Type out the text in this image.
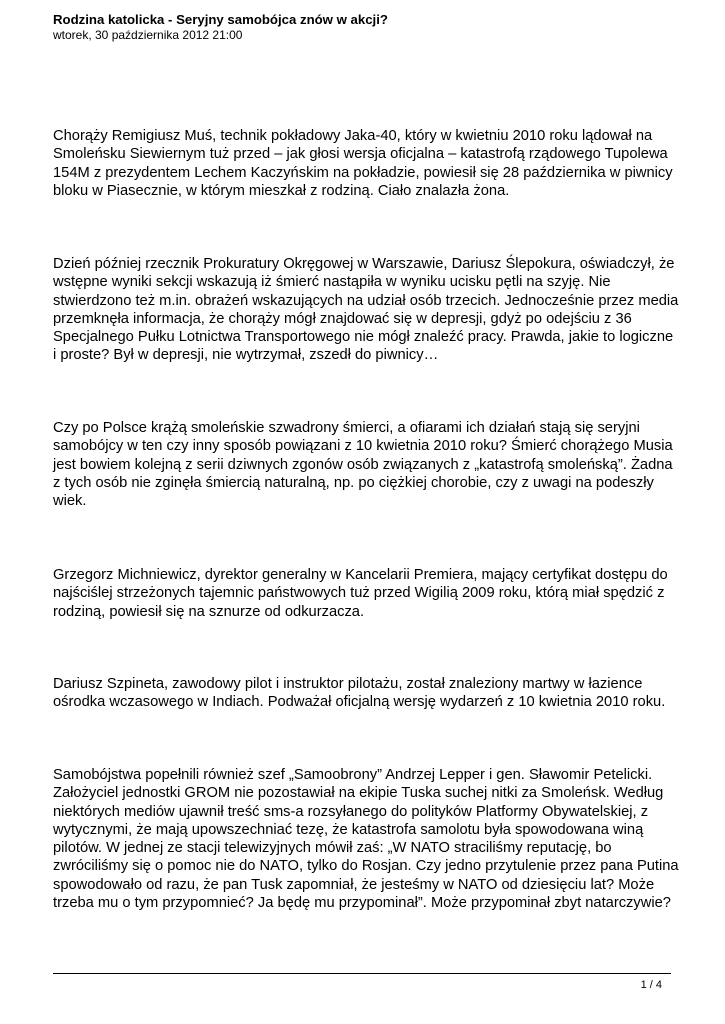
Rodzina katolicka - Seryjny samobójca znów w akcji?
wtorek, 30 października 2012 21:00

Chorąży Remigiusz Muś, technik pokładowy Jaka-40, który w kwietniu 2010 roku lądował na Smoleńsku Siewiernym tuż przed – jak głosi wersja oficjalna – katastrofą rządowego Tupolewa 154M z prezydentem Lechem Kaczyńskim na pokładzie, powiesił się 28 października w piwnicy bloku w Piasecznie, w którym mieszkał z rodziną. Ciało znalazła żona.

Dzień później rzecznik Prokuratury Okręgowej w Warszawie, Dariusz Ślepokura, oświadczył, że wstępne wyniki sekcji wskazują iż śmierć nastąpiła w wyniku ucisku pętli na szyję. Nie stwierdzono też m.in. obrażeń wskazujących na udział osób trzecich. Jednocześnie przez media przemknęła informacja, że chorąży mógł znajdować się w depresji, gdyż po odejściu z 36 Specjalnego Pułku Lotnictwa Transportowego nie mógł znaleźć pracy. Prawda, jakie to logiczne i proste? Był w depresji, nie wytrzymał, zszedł do piwnicy…

Czy po Polsce krążą smoleńskie szwadrony śmierci, a ofiarami ich działań stają się seryjni samobójcy w ten czy inny sposób powiązani z 10 kwietnia 2010 roku? Śmierć chorążego Musia jest bowiem kolejną z serii dziwnych zgonów osób związanych z „katastrofą smoleńską”. Żadna z tych osób nie zginęła śmiercią naturalną, np. po ciężkiej chorobie, czy z uwagi na podeszły wiek.

Grzegorz Michniewicz, dyrektor generalny w Kancelarii Premiera, mający certyfikat dostępu do najściślej strzeżonych tajemnic państwowych tuż przed Wigilią 2009 roku, którą miał spędzić z rodziną, powiesił się na sznurze od odkurzacza.

Dariusz Szpineta, zawodowy pilot i instruktor pilotażu, został znaleziony martwy w łazience ośrodka wczasowego w Indiach. Podważał oficjalną wersję wydarzeń z 10 kwietnia 2010 roku.

Samobójstwa popełnili również szef „Samoobrony” Andrzej Lepper i gen. Sławomir Petelicki. Założyciel jednostki GROM nie pozostawiał na ekipie Tuska suchej nitki za Smoleńsk. Według niektórych mediów ujawnił treść sms-a rozsyłanego do polityków Platformy Obywatelskiej, z wytycznymi, że mają upowszechniać tezę, że katastrofa samolotu była spowodowana winą pilotów. W jednej ze stacji telewizyjnych mówił zaś: „W NATO straciliśmy reputację, bo zwróciliśmy się o pomoc nie do NATO, tylko do Rosjan. Czy jedno przytulenie przez pana Putina spowodowało od razu, że pan Tusk zapomniał, że jesteśmy w NATO od dziesięciu lat? Może trzeba mu o tym przypomnieć? Ja będę mu przypominał”. Może przypominał zbyt natarczywie?

1 / 4
